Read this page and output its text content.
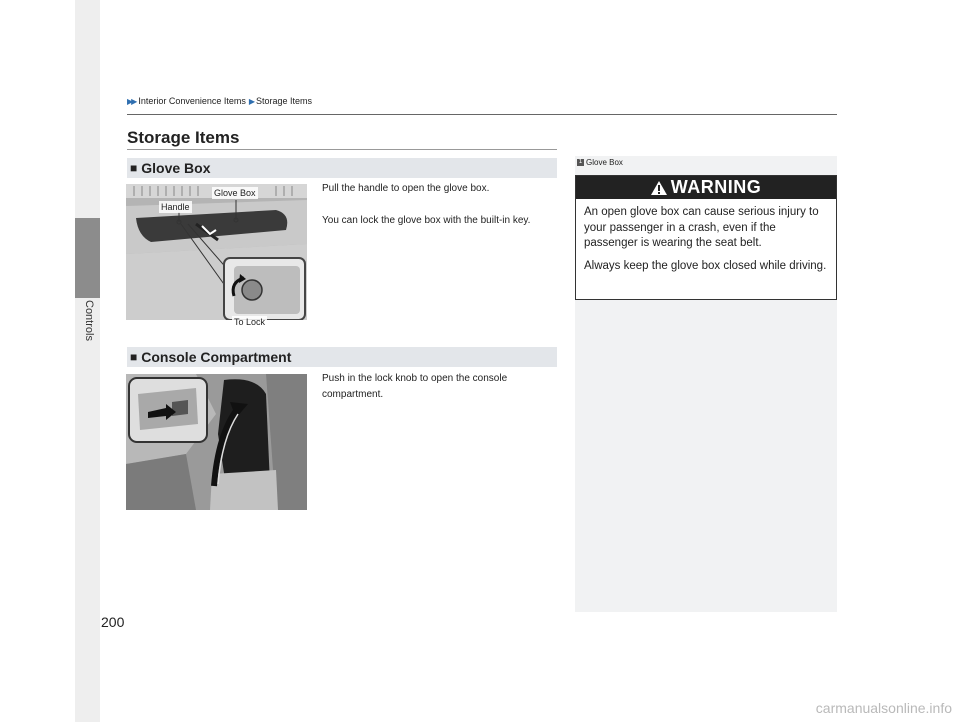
Controls
▶▶ Interior Convenience Items ▶ Storage Items
Storage Items
■ Glove Box
Glove Box
Handle
To Lock
Pull the handle to open the glove box.
You can lock the glove box with the built-in key.
■ Console Compartment
Push in the lock knob to open the console compartment.
1 Glove Box
WARNING
An open glove box can cause serious injury to your passenger in a crash, even if the passenger is wearing the seat belt.
Always keep the glove box closed while driving.
200
carmanualsonline.info
